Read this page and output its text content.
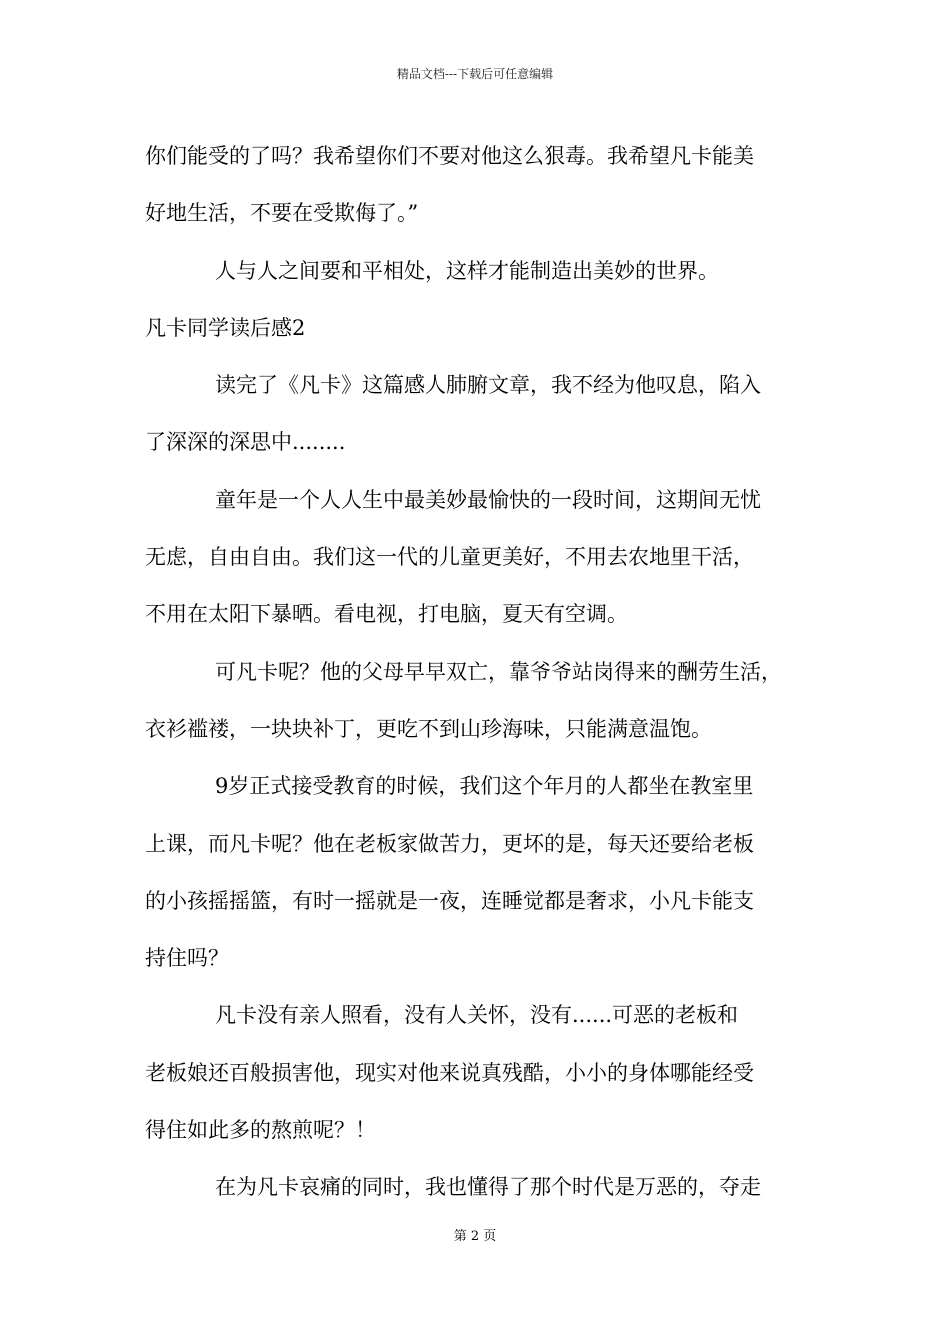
精品文档---下载后可任意编辑
你们能受的了吗？我希望你们不要对他这么狠毒。我希望凡卡能美
好地生活，不要在受欺侮了。”
人与人之间要和平相处，这样才能制造出美妙的世界。
凡卡同学读后感2
读完了《凡卡》这篇感人肺腑文章，我不经为他叹息，陷入
了深深的深思中........
童年是一个人人生中最美妙最愉快的一段时间，这期间无忧
无虑，自由自由。我们这一代的儿童更美好，不用去农地里干活，
不用在太阳下暴晒。看电视，打电脑，夏天有空调。
可凡卡呢？他的父母早早双亡，靠爷爷站岗得来的酬劳生活，
衣衫褴褛，一块块补丁，更吃不到山珍海味，只能满意温饱。
9岁正式接受教育的时候，我们这个年月的人都坐在教室里
上课，而凡卡呢？他在老板家做苦力，更坏的是，每天还要给老板
的小孩摇摇篮，有时一摇就是一夜，连睡觉都是奢求，小凡卡能支
持住吗？
凡卡没有亲人照看，没有人关怀，没有......可恶的老板和
老板娘还百般损害他，现实对他来说真残酷，小小的身体哪能经受
得住如此多的熬煎呢？！
在为凡卡哀痛的同时，我也懂得了那个时代是万恶的，夺走
第 2 页
